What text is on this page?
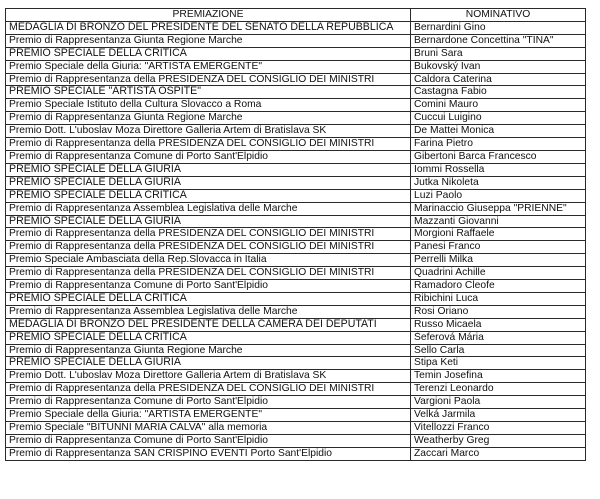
PREMIAZIONE	NOMINATIVO
MEDAGLIA DI BRONZO DEL PRESIDENTE DEL SENATO DELLA REPUBBLICA	Bernardini Gino
Premio di Rappresentanza Giunta Regione Marche	Bernardone Concettina "TINA"
PREMIO SPECIALE DELLA CRITICA	Bruni Sara
Premio Speciale della Giuria: "ARTISTA EMERGENTE"	Bukovský Ivan
Premio di Rappresentanza della PRESIDENZA DEL CONSIGLIO DEI MINISTRI	Caldora Caterina
PREMIO SPECIALE "ARTISTA OSPITE"	Castagna Fabio
Premio Speciale Istituto della Cultura Slovacco a Roma	Comini Mauro
Premio di Rappresentanza Giunta Regione Marche	Cuccui Luigino
Premio Dott. L'uboslav Moza Direttore Galleria Artem di Bratislava SK	De Mattei Monica
Premio di Rappresentanza della PRESIDENZA DEL CONSIGLIO DEI MINISTRI	Farina Pietro
Premio di Rappresentanza Comune di Porto Sant'Elpidio	Gibertoni Barca Francesco
PREMIO SPECIALE DELLA GIURIA	Iommi Rossella
PREMIO SPECIALE DELLA GIURIA	Jutka Nikoleta
PREMIO SPECIALE DELLA CRITICA	Luzi Paolo
Premio di Rappresentanza Assemblea Legislativa delle Marche	Marinaccio Giuseppa "PRIENNE"
PREMIO SPECIALE DELLA GIURIA	Mazzanti Giovanni
Premio di Rappresentanza della PRESIDENZA DEL CONSIGLIO DEI MINISTRI	Morgioni Raffaele
Premio di Rappresentanza della PRESIDENZA DEL CONSIGLIO DEI MINISTRI	Panesi Franco
Premio Speciale Ambasciata della Rep.Slovacca in Italia	Perrelli Milka
Premio di Rappresentanza della PRESIDENZA DEL CONSIGLIO DEI MINISTRI	Quadrini Achille
Premio di Rappresentanza Comune di Porto Sant'Elpidio	Ramadoro Cleofe
PREMIO SPECIALE DELLA CRITICA	Ribichini Luca
Premio di Rappresentanza Assemblea Legislativa delle Marche	Rosi Oriano
MEDAGLIA DI BRONZO DEL PRESIDENTE DELLA CAMERA DEI DEPUTATI	Russo Micaela
PREMIO SPECIALE DELLA CRITICA	Šeferová Mária
Premio di Rappresentanza Giunta Regione Marche	Sello Carla
PREMIO SPECIALE DELLA GIURIA	Stipa Keti
Premio Dott. L'uboslav Moza Direttore Galleria Artem di Bratislava SK	Temin Josefina
Premio di Rappresentanza della PRESIDENZA DEL CONSIGLIO DEI MINISTRI	Terenzi Leonardo
Premio di Rappresentanza Comune di Porto Sant'Elpidio	Vargioni Paola
Premio Speciale della Giuria: "ARTISTA EMERGENTE"	Velká Jarmila
Premio Speciale "BITUNNI MARIA CALVA" alla memoria	Vitellozzi Franco
Premio di Rappresentanza Comune di Porto Sant'Elpidio	Weatherby Greg
Premio di Rappresentanza SAN CRISPINO EVENTI Porto Sant'Elpidio	Zaccari Marco
